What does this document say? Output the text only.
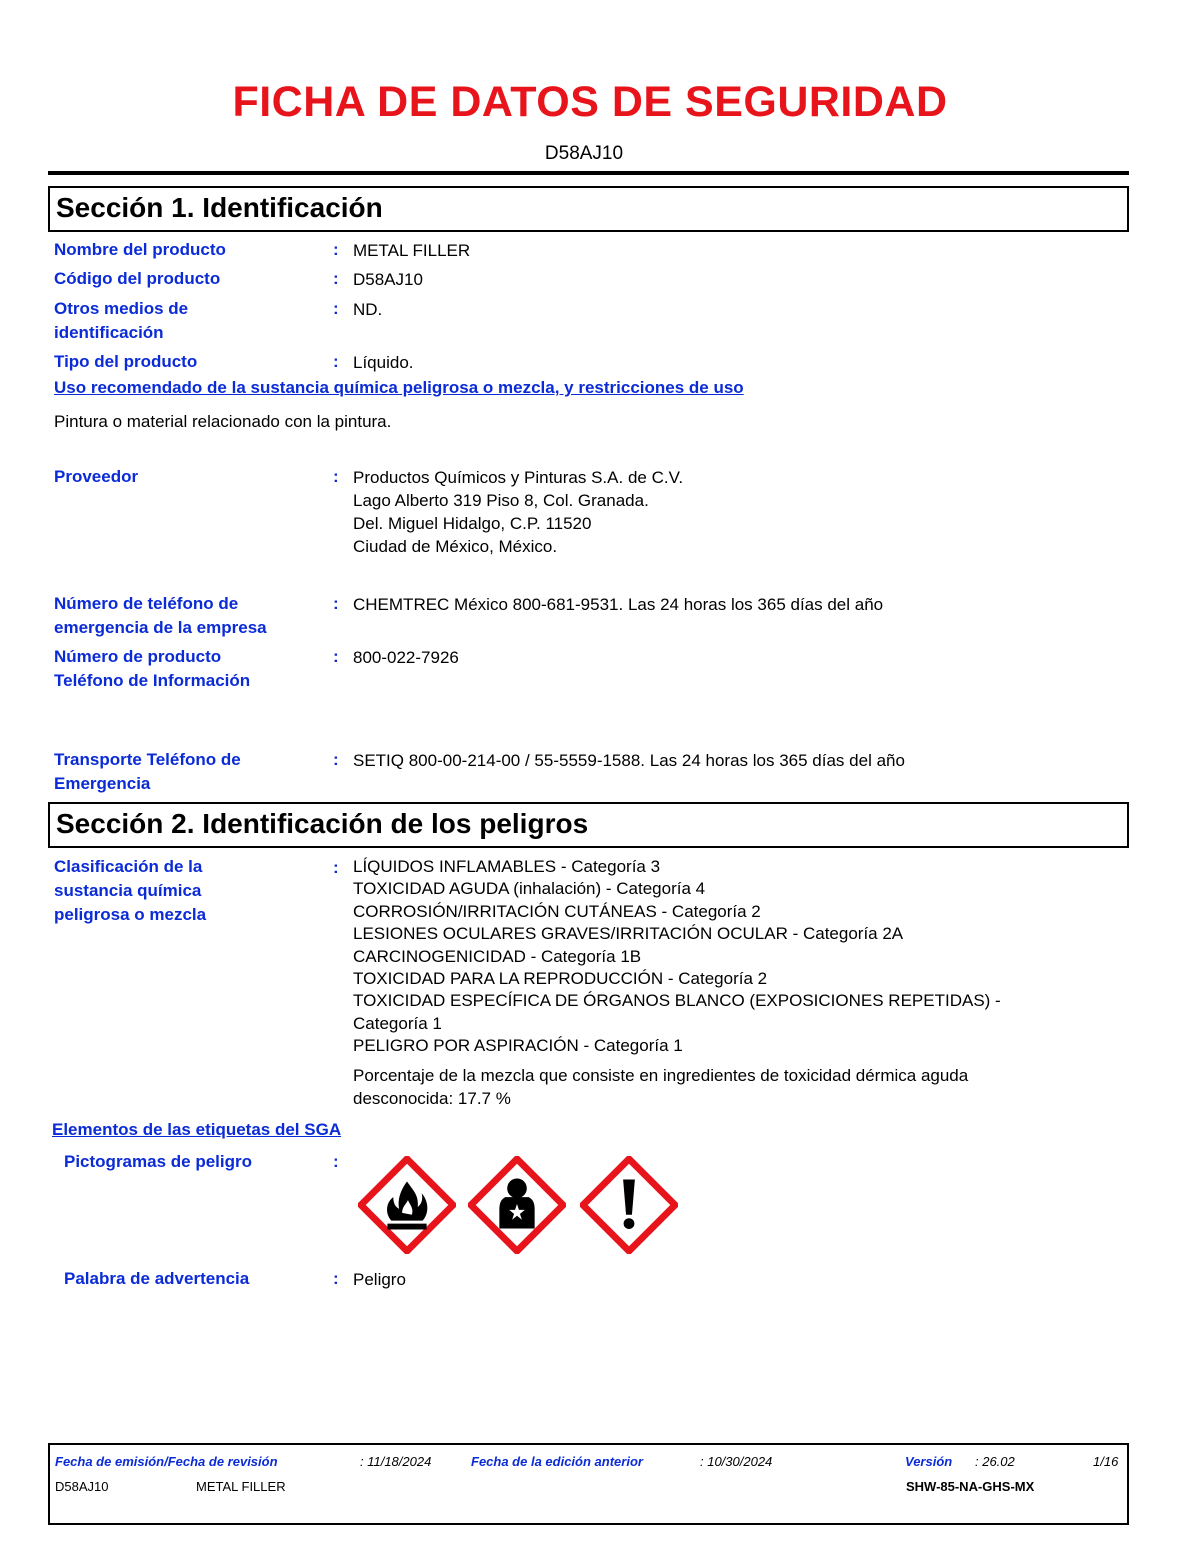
FICHA DE DATOS DE SEGURIDAD
D58AJ10
Sección 1. Identificación
Nombre del producto	: METAL FILLER
Código del producto	: D58AJ10
Otros medios de
identificación
: ND.
Tipo del producto	: Líquido.
Uso recomendado de la sustancia química peligrosa o mezcla, y restricciones de uso
Pintura o material relacionado con la pintura.
Proveedor	: Productos Químicos y Pinturas S.A. de C.V.
Lago Alberto 319 Piso 8, Col. Granada.
Del. Miguel Hidalgo, C.P. 11520
Ciudad de México, México.
Número de teléfono de
emergencia de la empresa
: CHEMTREC México 800-681-9531. Las 24 horas los 365 días del año
Número de producto
Teléfono de Información
: 800-022-7926
Transporte Teléfono de
Emergencia
: SETIQ 800-00-214-00 / 55-5559-1588. Las 24 horas los 365 días del año
Sección 2. Identificación de los peligros
Clasificación de la
sustancia química
peligrosa o mezcla
: LÍQUIDOS INFLAMABLES - Categoría 3
TOXICIDAD AGUDA (inhalación) - Categoría 4
CORROSIÓN/IRRITACIÓN CUTÁNEAS - Categoría 2
LESIONES OCULARES GRAVES/IRRITACIÓN OCULAR - Categoría 2A
CARCINOGENICIDAD - Categoría 1B
TOXICIDAD PARA LA REPRODUCCIÓN - Categoría 2
TOXICIDAD ESPECÍFICA DE ÓRGANOS BLANCO (EXPOSICIONES REPETIDAS) -
Categoría 1
PELIGRO POR ASPIRACIÓN - Categoría 1
Porcentaje de la mezcla que consiste en ingredientes de toxicidad dérmica aguda
desconocida: 17.7 %
Elementos de las etiquetas del SGA
Pictogramas de peligro	:
Palabra de advertencia	: Peligro
Fecha de emisión/Fecha de revisión	: 11/18/2024	Fecha de la edición anterior	: 10/30/2024	Versión : 26.02	1/16
D58AJ10	METAL FILLER	SHW-85-NA-GHS-MX
